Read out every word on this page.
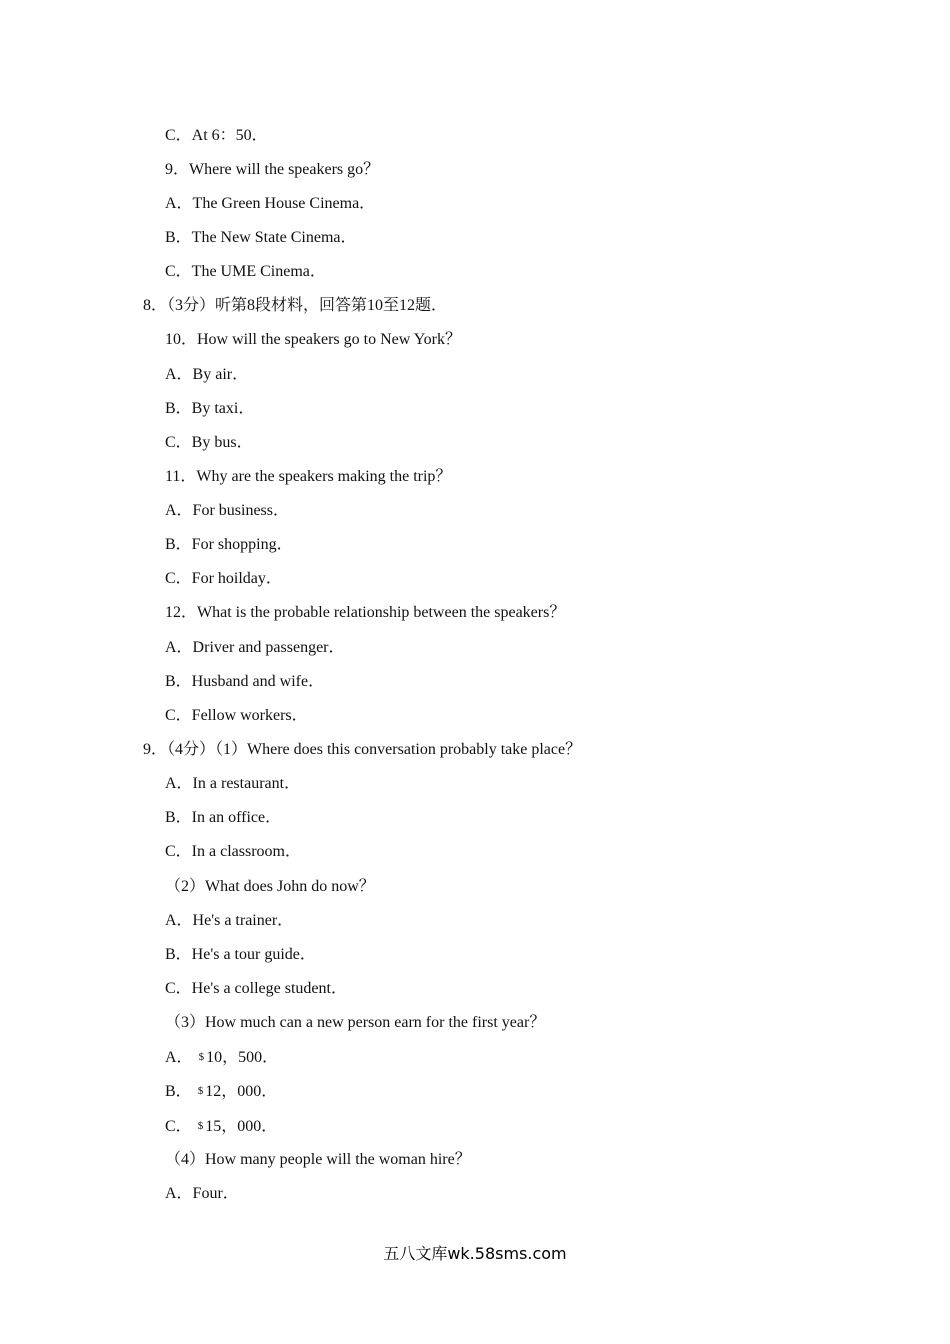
C．At 6：50．
9．Where will the speakers go？
A．The Green House Cinema．
B．The New State Cinema．
C．The UME Cinema．
8．（3分）听第8段材料，回答第10至12题．
10．How will the speakers go to New York？
A．By air．
B．By taxi．
C．By bus．
11．Why are the speakers making the trip？
A．For business．
B．For shopping．
C．For hoilday．
12．What is the probable relationship between the speakers？
A．Driver and passenger．
B．Husband and wife．
C．Fellow workers．
9．（4分）（1）Where does this conversation probably take place？
A．In a restaurant．
B．In an office．
C．In a classroom．
（2）What does John do now？
A．He's a trainer．
B．He's a tour guide．
C．He's a college student．
（3）How much can a new person earn for the first year？
A． $ 10，500．
B． $ 12，000．
C． $ 15，000．
（4）How many people will the woman hire？
A．Four．
五八文库wk.58sms.com
